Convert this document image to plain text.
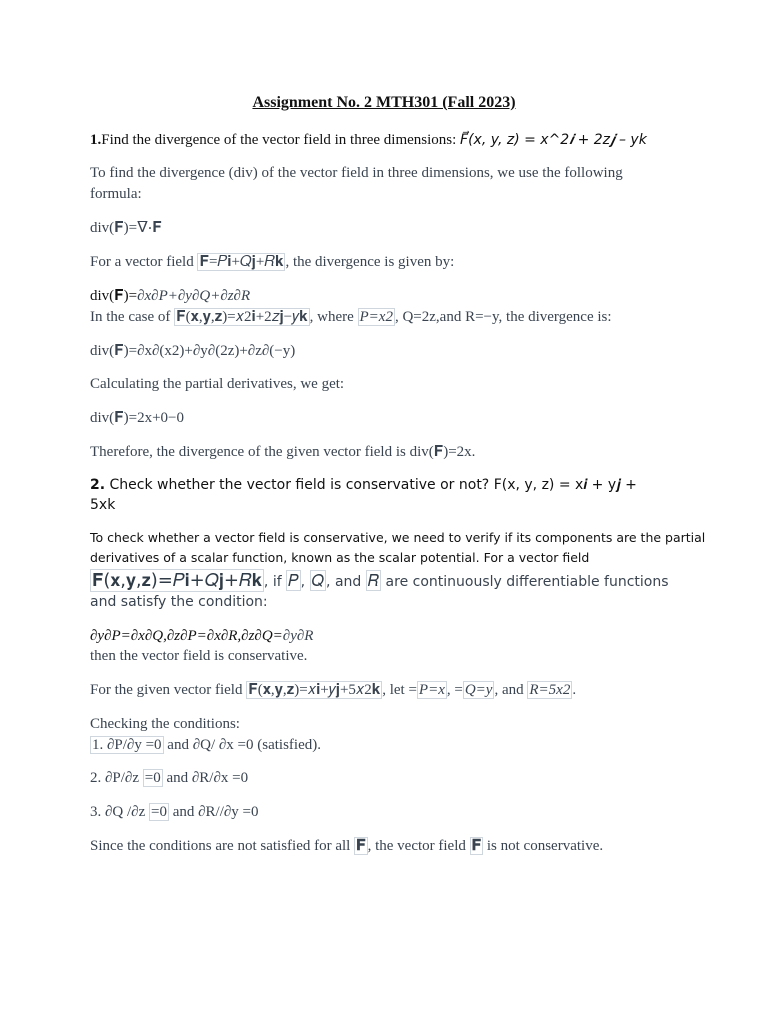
Assignment No. 2 MTH301 (Fall 2023)
1.Find the divergence of the vector field in three dimensions: F⃗(x, y, z) = x^2𝒊 + 2z𝒋 – yk
To find the divergence (div) of the vector field in three dimensions, we use the following
formula:
div(𝐅)=∇⋅𝐅
For a vector field 𝐅=𝑃𝐢+𝑄𝐣+𝑅𝐤 , the divergence is given by:
div(𝐅)=∂x∂P+∂y∂Q+∂z∂R
In the case of 𝐅(𝐱,𝐲,𝐳)=𝑥2𝐢+2𝑧𝐣−𝑦𝐤 , where P=x2 , Q=2z,and R=−y, the divergence is:
div(𝐅)=∂x∂(x2)+∂y∂(2z)+∂z∂(−y)
Calculating the partial derivatives, we get:
div(𝐅)=2x+0−0
Therefore, the divergence of the given vector field is div(𝐅)=2x.
2. Check whether the vector field is conservative or not? F(x, y, z) = x𝒊 + y𝒋 +
5xk
To check whether a vector field is conservative, we need to verify if its components are the partial
derivatives of a scalar function, known as the scalar potential. For a vector field
𝐅(𝐱,𝐲,𝐳)=𝑃𝐢+𝑄𝐣+𝑅𝐤 , if 𝑃 , 𝑄 , and 𝑅 are continuously differentiable functions
and satisfy the condition:
∂y∂P=∂x∂Q,∂z∂P=∂x∂R,∂z∂Q=∂y∂R
then the vector field is conservative.
For the given vector field 𝐅(𝐱,𝐲,𝐳)=𝑥𝐢+𝑦𝐣+5𝑥2𝐤 , let = P=x , = Q=y , and R=5x2 .
Checking the conditions:
1. ∂P/∂y =0 and ∂Q/ ∂x =0 (satisfied).
2. ∂P/∂z =0 and ∂R/∂x =0
3. ∂Q /∂z =0 and ∂R//∂y =0
Since the conditions are not satisfied for all 𝐅 , the vector field 𝐅 is not conservative.
